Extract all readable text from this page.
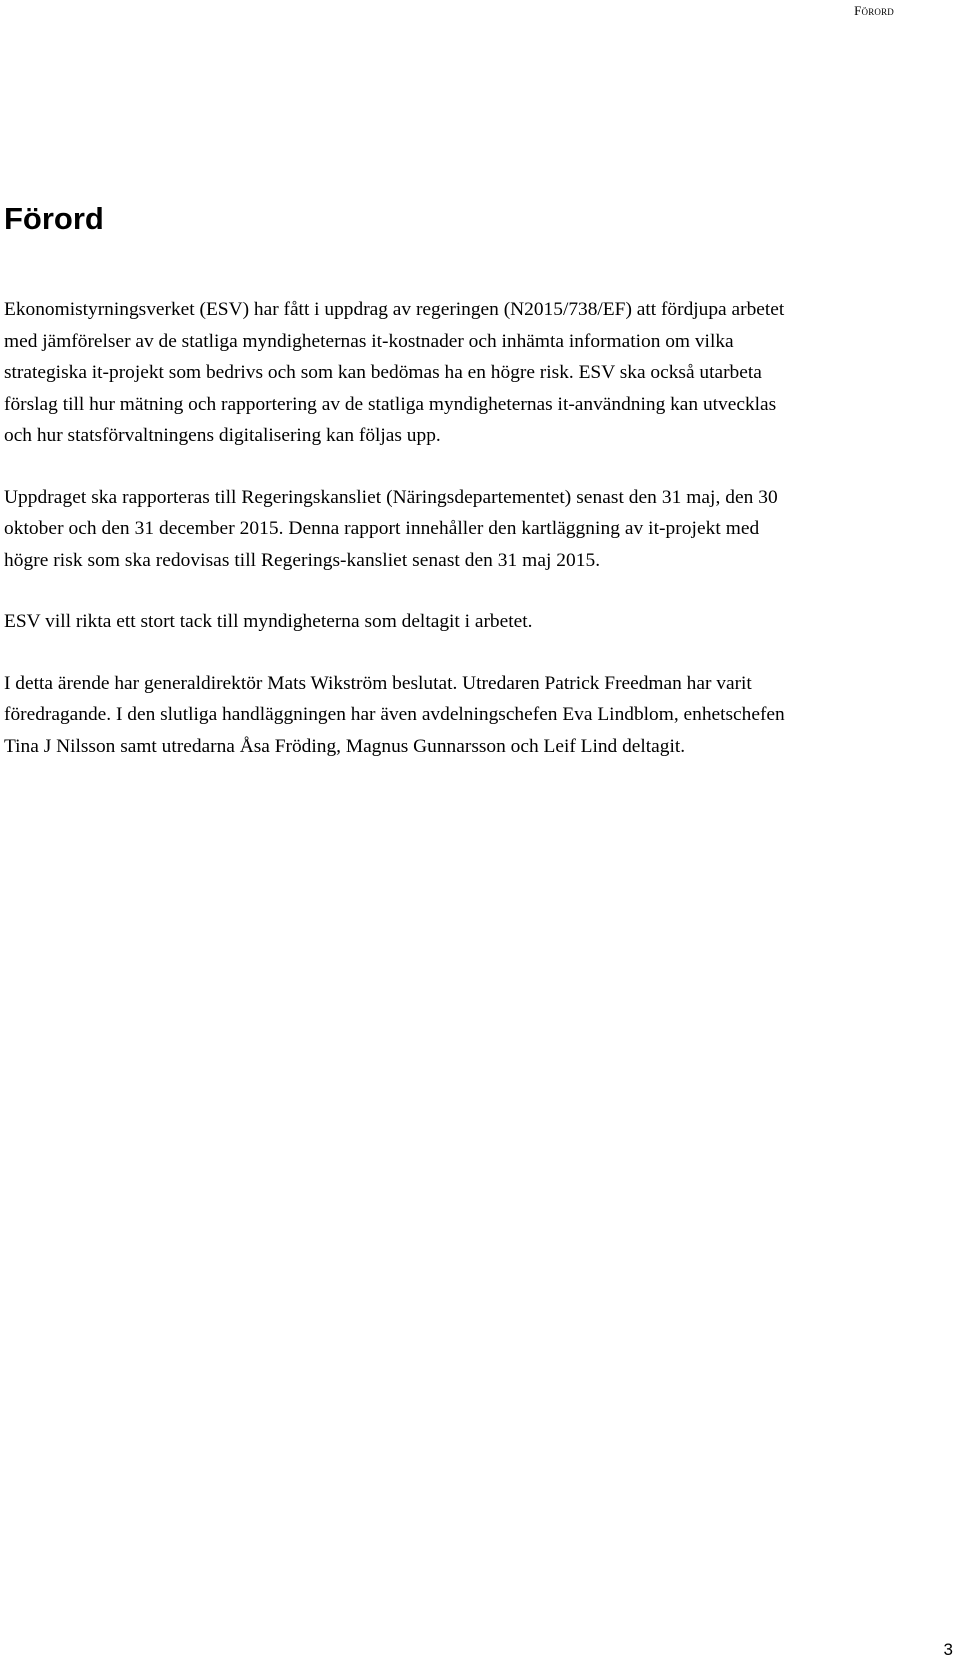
Förord
Förord

Ekonomistyrningsverket (ESV) har fått i uppdrag av regeringen (N2015/738/EF) att fördjupa arbetet med jämförelser av de statliga myndigheternas it-kostnader och inhämta information om vilka strategiska it-projekt som bedrivs och som kan bedömas ha en högre risk. ESV ska också utarbeta förslag till hur mätning och rapportering av de statliga myndigheternas it-användning kan utvecklas och hur statsförvaltningens digitalisering kan följas upp.

Uppdraget ska rapporteras till Regeringskansliet (Näringsdepartementet) senast den 31 maj, den 30 oktober och den 31 december 2015. Denna rapport innehåller den kartläggning av it-projekt med högre risk som ska redovisas till Regerings-kansliet senast den 31 maj 2015.

ESV vill rikta ett stort tack till myndigheterna som deltagit i arbetet.

I detta ärende har generaldirektör Mats Wikström beslutat. Utredaren Patrick Freedman har varit föredragande. I den slutliga handläggningen har även avdelningschefen Eva Lindblom, enhetschefen Tina J Nilsson samt utredarna Åsa Fröding, Magnus Gunnarsson och Leif Lind deltagit.

3
